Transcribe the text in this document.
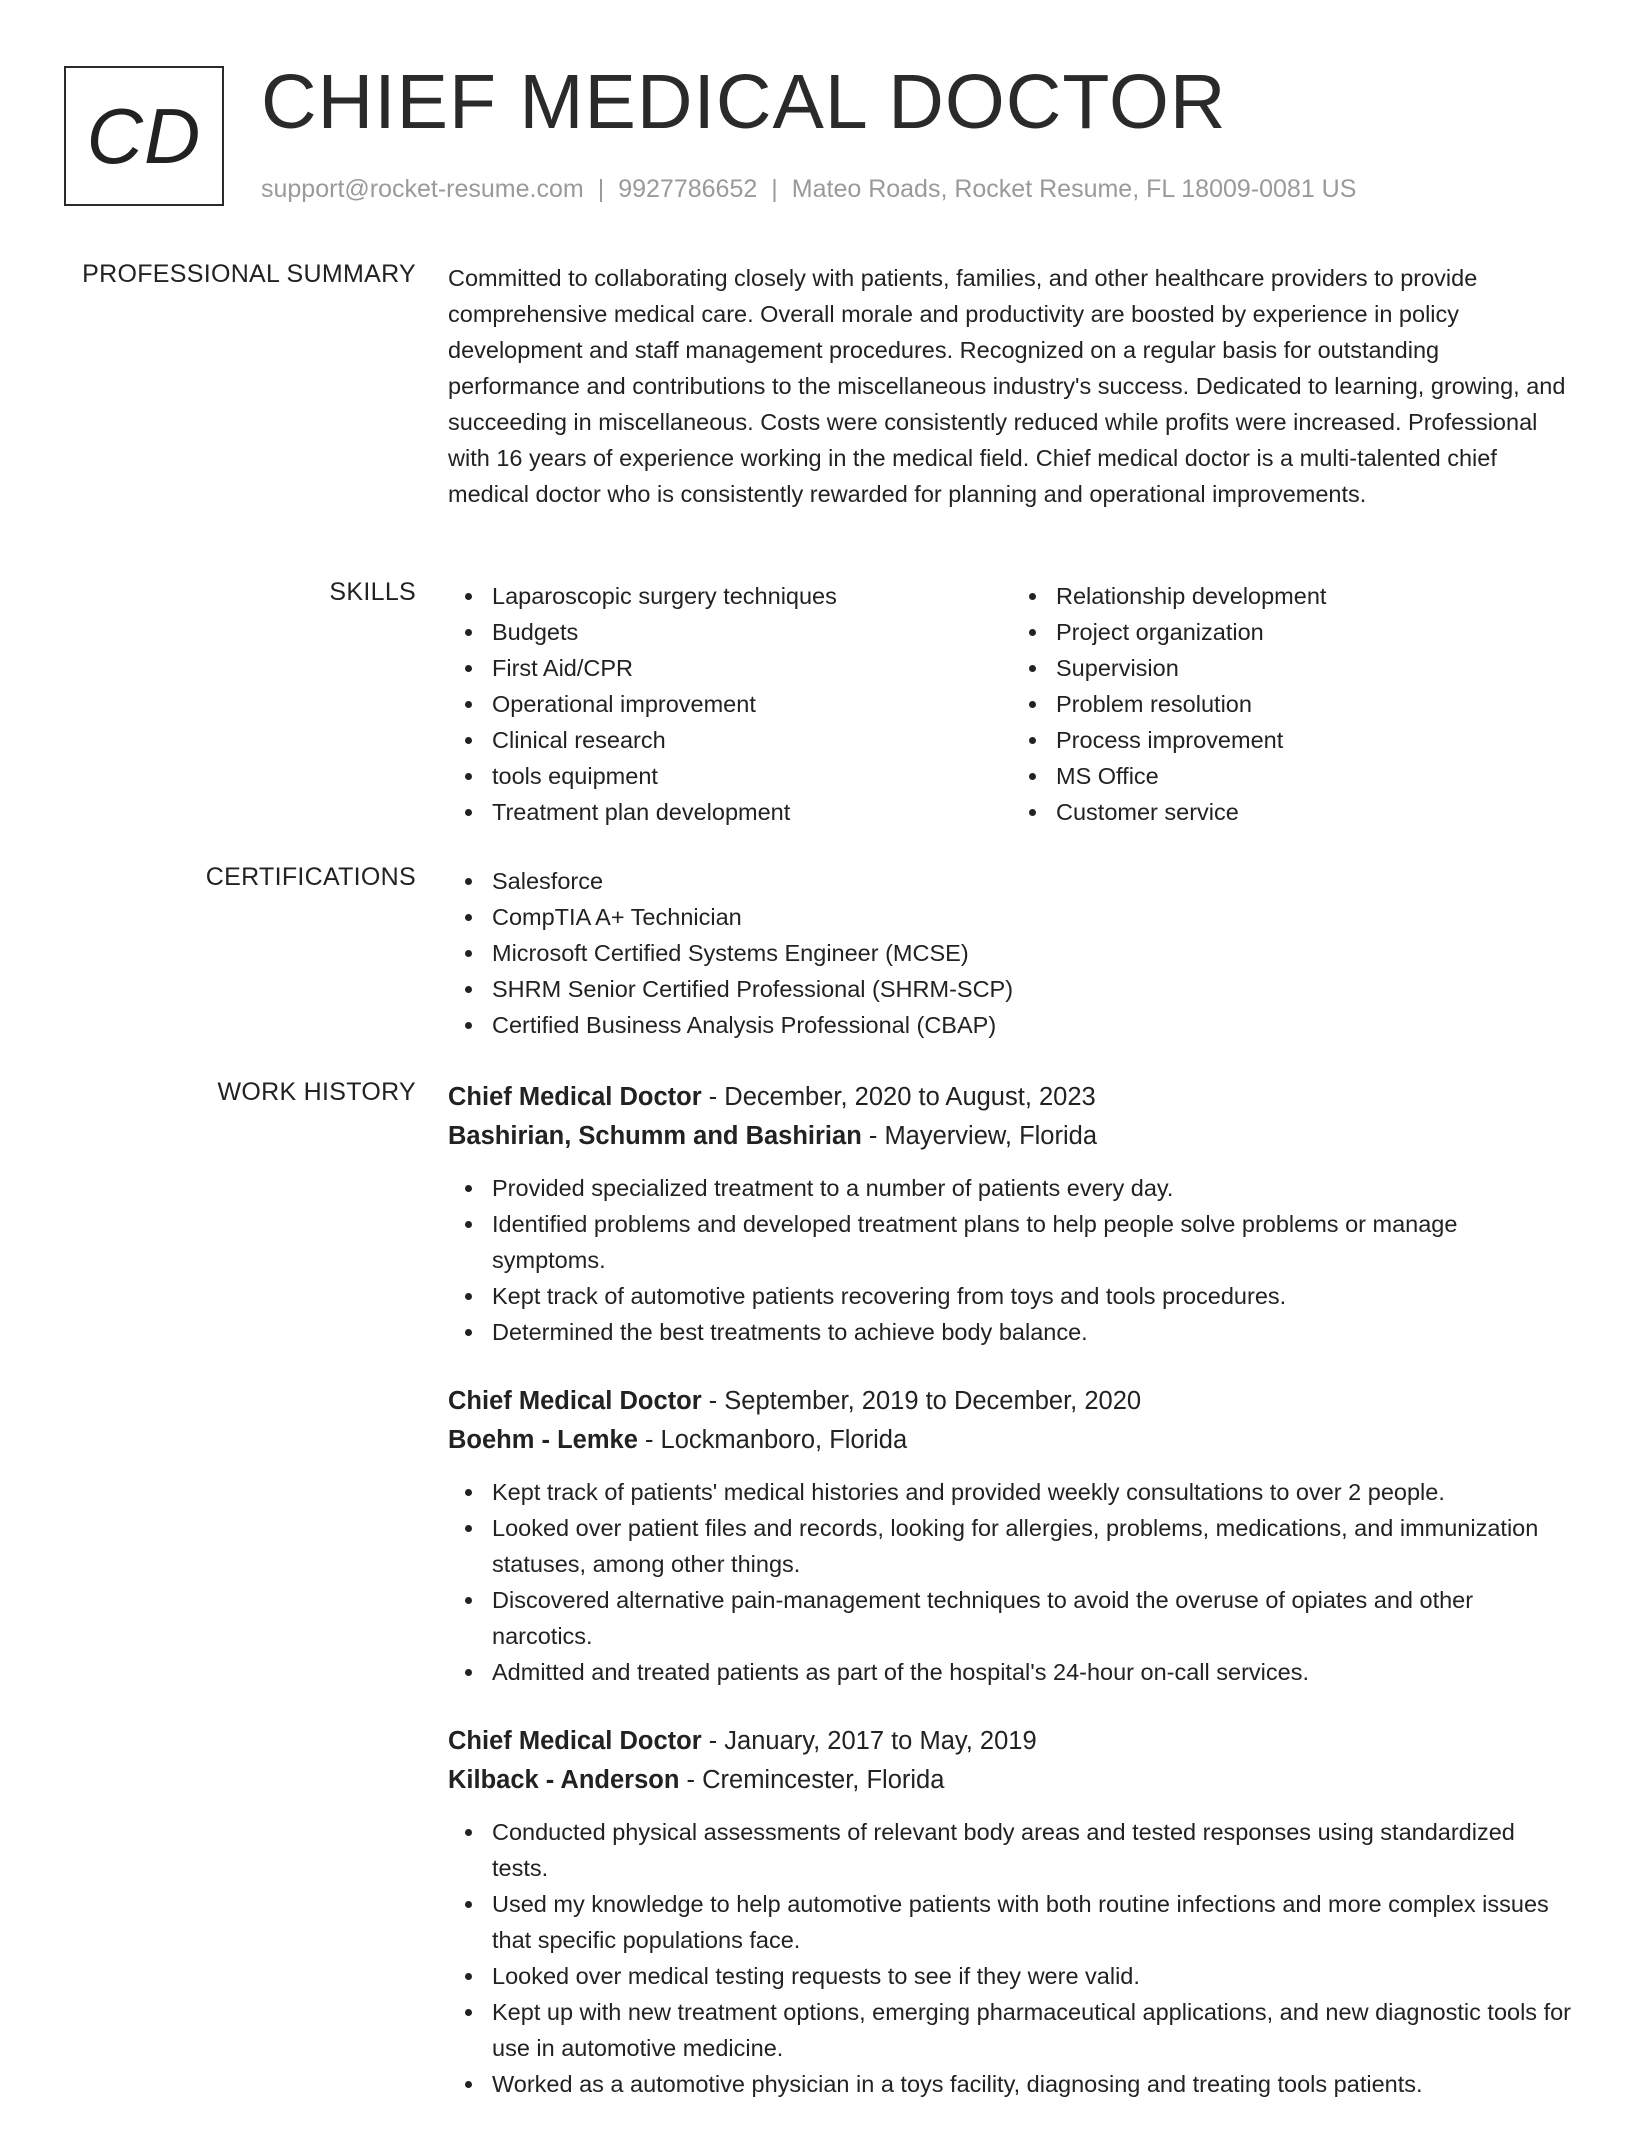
CD CHIEF MEDICAL DOCTOR
support@rocket-resume.com | 9927786652 | Mateo Roads, Rocket Resume, FL 18009-0081 US
PROFESSIONAL SUMMARY Committed to collaborating closely with patients, families, and other healthcare providers to provide comprehensive medical care. Overall morale and productivity are boosted by experience in policy development and staff management procedures. Recognized on a regular basis for outstanding performance and contributions to the miscellaneous industry's success. Dedicated to learning, growing, and succeeding in miscellaneous. Costs were consistently reduced while profits were increased. Professional with 16 years of experience working in the medical field. Chief medical doctor is a multi-talented chief medical doctor who is consistently rewarded for planning and operational improvements.
SKILLS	Laparoscopic surgery techniques
Budgets
First Aid/CPR
Operational improvement
Clinical research
tools equipment
Treatment plan development
Relationship development
Project organization
Supervision
Problem resolution
Process improvement
MS Office
Customer service
CERTIFICATIONS	Salesforce
CompTIA A+ Technician
Microsoft Certified Systems Engineer (MCSE)
SHRM Senior Certified Professional (SHRM-SCP)
Certified Business Analysis Professional (CBAP)
WORK HISTORY Chief Medical Doctor - December, 2020 to August, 2023
Bashirian, Schumm and Bashirian - Mayerview, Florida
Provided specialized treatment to a number of patients every day.
Identified problems and developed treatment plans to help people solve problems or manage symptoms.
Kept track of automotive patients recovering from toys and tools procedures.
Determined the best treatments to achieve body balance.
Chief Medical Doctor - September, 2019 to December, 2020
Boehm - Lemke - Lockmanboro, Florida
Kept track of patients' medical histories and provided weekly consultations to over 2 people.
Looked over patient files and records, looking for allergies, problems, medications, and immunization statuses, among other things.
Discovered alternative pain-management techniques to avoid the overuse of opiates and other narcotics.
Admitted and treated patients as part of the hospital's 24-hour on-call services.
Chief Medical Doctor - January, 2017 to May, 2019
Kilback - Anderson - Cremincester, Florida
Conducted physical assessments of relevant body areas and tested responses using standardized tests.
Used my knowledge to help automotive patients with both routine infections and more complex issues that specific populations face.
Looked over medical testing requests to see if they were valid.
Kept up with new treatment options, emerging pharmaceutical applications, and new diagnostic tools for use in automotive medicine.
Worked as a automotive physician in a toys facility, diagnosing and treating tools patients.
